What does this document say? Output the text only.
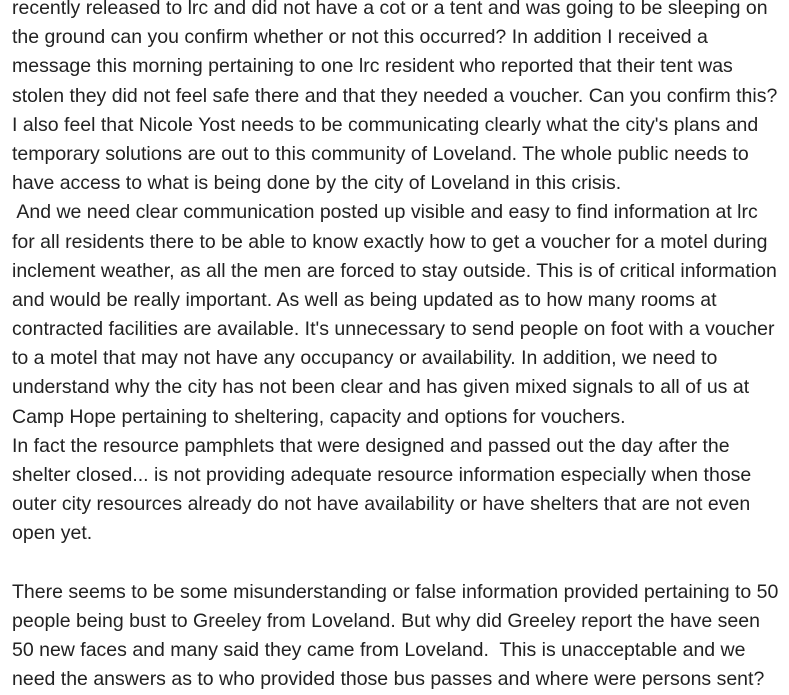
recently released to lrc and did not have a cot or a tent and was going to be sleeping on
the ground can you confirm whether or not this occurred? In addition I received a
message this morning pertaining to one lrc resident who reported that their tent was
stolen they did not feel safe there and that they needed a voucher. Can you confirm this?
I also feel that Nicole Yost needs to be communicating clearly what the city's plans and
temporary solutions are out to this community of Loveland. The whole public needs to
have access to what is being done by the city of Loveland in this crisis.
And we need clear communication posted up visible and easy to find information at lrc
for all residents there to be able to know exactly how to get a voucher for a motel during
inclement weather, as all the men are forced to stay outside. This is of critical information
and would be really important. As well as being updated as to how many rooms at
contracted facilities are available. It's unnecessary to send people on foot with a voucher
to a motel that may not have any occupancy or availability. In addition, we need to
understand why the city has not been clear and has given mixed signals to all of us at
Camp Hope pertaining to sheltering, capacity and options for vouchers.
In fact the resource pamphlets that were designed and passed out the day after the
shelter closed... is not providing adequate resource information especially when those
outer city resources already do not have availability or have shelters that are not even
open yet.
There seems to be some misunderstanding or false information provided pertaining to 50
people being bust to Greeley from Loveland. But why did Greeley report the have seen
50 new faces and many said they came from Loveland.  This is unacceptable and we
need the answers as to who provided those bus passes and where were persons sent?
